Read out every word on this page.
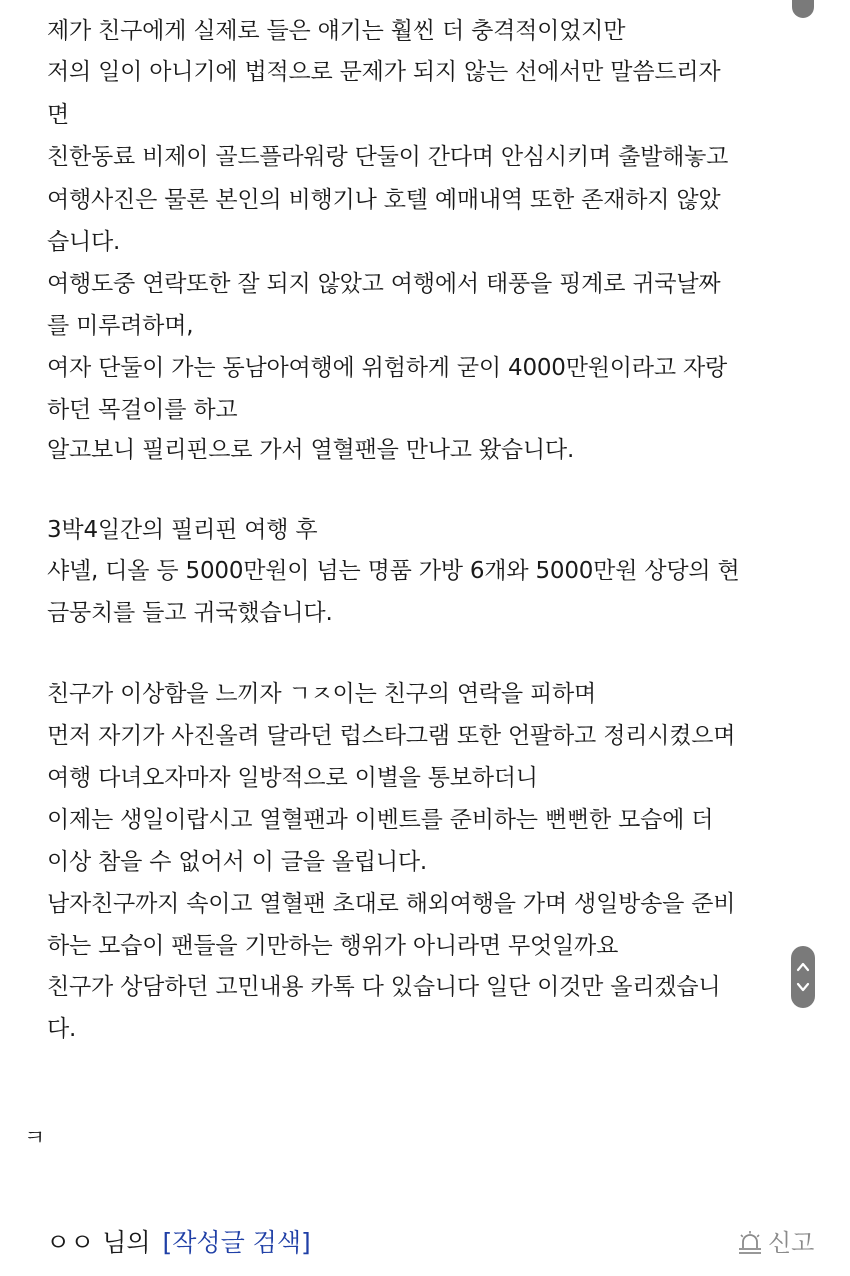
제가 친구에게 실제로 들은 얘기는 훨씬 더 충격적이었지만
저의 일이 아니기에 법적으로 문제가 되지 않는 선에서만 말씀드리자
면
친한동료 비제이 골드플라워랑 단둘이 간다며 안심시키며 출발해놓고
여행사진은 물론 본인의 비행기나 호텔 예매내역 또한 존재하지 않았
습니다.
여행도중 연락또한 잘 되지 않았고 여행에서 태풍을 핑계로 귀국날짜
를 미루려하며,
여자 단둘이 가는 동남아여행에 위험하게 굳이 4000만원이라고 자랑
하던 목걸이를 하고
알고보니 필리핀으로 가서 열혈팬을 만나고 왔습니다.
3박4일간의 필리핀 여행 후
샤넬, 디올 등 5000만원이 넘는 명품 가방 6개와 5000만원 상당의 현
금뭉치를 들고 귀국했습니다.
친구가 이상함을 느끼자 ㄱㅈ이는 친구의 연락을 피하며
먼저 자기가 사진올려 달라던 럽스타그램 또한 언팔하고 정리시켰으며
여행 다녀오자마자 일방적으로 이별을 통보하더니
이제는 생일이랍시고 열혈팬과 이벤트를 준비하는 뻔뻔한 모습에 더
이상 참을 수 없어서 이 글을 올립니다.
남자친구까지 속이고 열혈팬 초대로 해외여행을 가며 생일방송을 준비
하는 모습이 팬들을 기만하는 행위가 아니라면 무엇일까요
친구가 상담하던 고민내용 카톡 다 있습니다 일단 이것만 올리겠습니
다.
ㅋ
ㅇㅇ 님의 [작성글 검색]	신고
